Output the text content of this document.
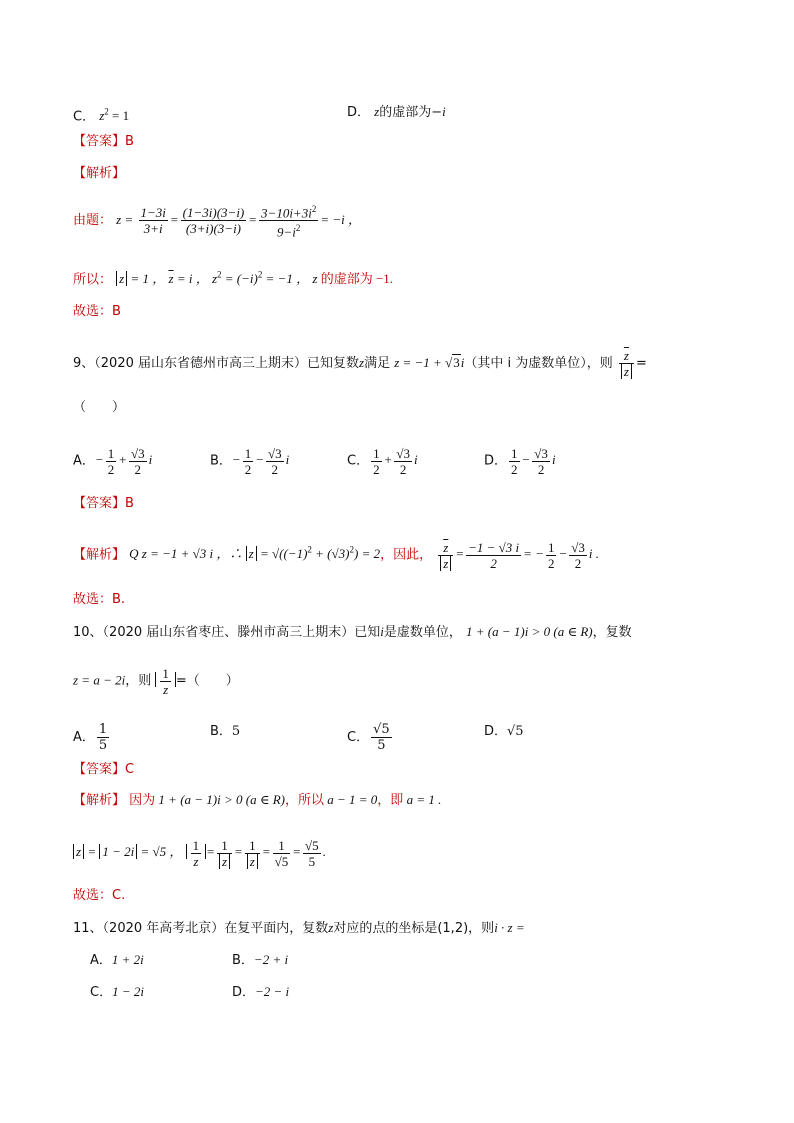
C． $z^2 = 1$	D． z的虚部为−i
【答案】B
【解析】
由题： $z = \frac{1-3i}{3+i} = \frac{(1-3i)(3-i)}{(3+i)(3-i)} = \frac{3-10i+3i^2}{9-i^2} = -i$ ，
所以： z = 1 ， $\overline{z} = i$ ， $z^2 = (-i)^2 = -1$ ， z 的虚部为 −1.
故选：B
9、（2020 届山东省德州市高三上期末）已知复数z满足 z = −1 + √3i（其中 i 为虚数单位），则 $\frac{\overline{z}}{z}$ =
（　　）
A．− $\frac{1}{2} + \frac{√3}{2}$ i	B．− $\frac{1}{2} - \frac{√3}{2}$ i	C． $\frac{1}{2} + \frac{√3}{2}$ i	D． $\frac{1}{2} - \frac{√3}{2}$ i
【答案】B
【解析】 Q z = −1 + √3 i ，∴ $z = √((-1)^2 + (√3)^2) = 2$，因此， $\frac{\overline{z}}{z} = \frac{-1 - √3 i}{2}$ = − $\frac{1}{2} - \frac{√3}{2}$ i .
故选：B.
10、（2020 届山东省枣庄、滕州市高三上期末）已知i是虚数单位， 1 + (a − 1)i > 0 (a ∈ R)，复数
z = a − 2i，则 $\frac{1}{z}$ =（　　）
A． $\frac{1}{5}$	B．5	C． $\frac{√5}{5}$	D．√5
【答案】C
【解析】 因为 1 + (a − 1)i > 0 (a ∈ R)，所以 a − 1 = 0，即 a = 1 .
z = 1 − 2i = √5 ， $\frac{1}{z} = \frac{1}{z} = \frac{1}{z} = \frac{1}{√5} = \frac{√5}{5}$ .
故选：C.
11、（2020 年高考北京）在复平面内，复数z对应的点的坐标是(1,2)，则i · z =
A．1 + 2i	B．−2 + i
C．1 − 2i	D．−2 − i
